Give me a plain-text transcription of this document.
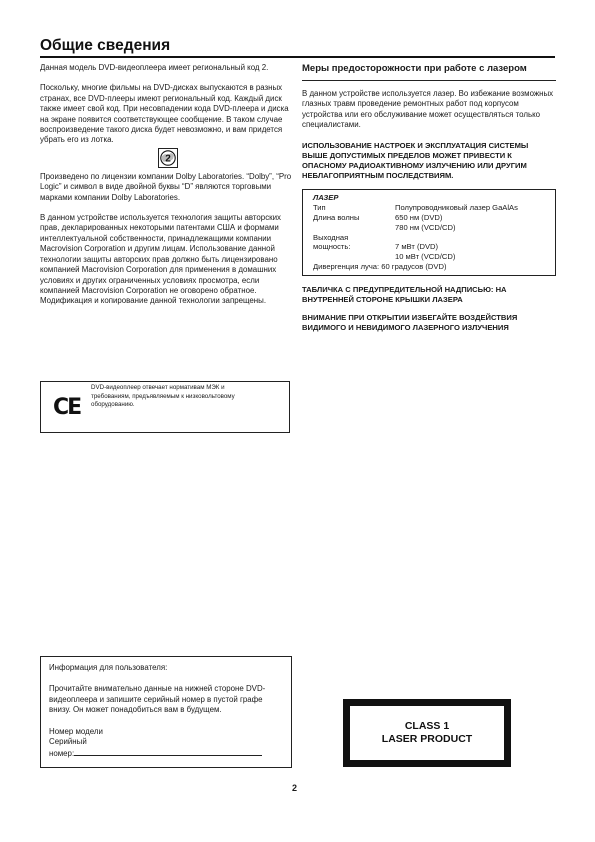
Общие сведения

Данная модель DVD-видеоплеера имеет региональный код 2.

Поскольку, многие фильмы на DVD-дисках выпускаются в разных странах, все DVD-плееры имеют региональный код. Каждый диск также имеет свой код. При несовпадении кода DVD-плеера и диска на экране появится соответствующее сообщение. В таком случае воспроизведение такого диска будет невозможно, и вам придется убрать его из лотка.

2

Произведено по лицензии компании Dolby Laboratories. “Dolby”, “Pro Logic” и символ в виде двойной буквы “D” являются торговыми марками компании Dolby Laboratories.

В данном устройстве используется технология защиты авторских прав, декларированных некоторыми патентами США и формами интеллектуальной собственности, принадлежащими компании Macrovision Corporation и другим лицам. Использование данной технологии защиты авторских прав должно быть лицензировано компанией Macrovision Corporation для применения в домашних условиях и других ограниченных условиях просмотра, если компанией Macrovision Corporation не оговорено обратное. Модификация и копирование данной технологии запрещены.

CE
DVD-видеоплеер отвечает нормативам МЭК и требованиям, предъявляемым к низковольтовому оборудованию.

Меры предосторожности при работе с лазером

В данном устройстве используется лазер. Во избежание возможных глазных травм проведение ремонтных работ под корпусом устройства или его обслуживание может осуществляться только специалистами.

ИСПОЛЬЗОВАНИЕ НАСТРОЕК И ЭКСПЛУАТАЦИЯ СИСТЕМЫ ВЫШЕ ДОПУСТИМЫХ ПРЕДЕЛОВ МОЖЕТ ПРИВЕСТИ К ОПАСНОМУ РАДИОАКТИВНОМУ ИЗЛУЧЕНИЮ ИЛИ ДРУГИМ НЕБЛАГОПРИЯТНЫМ ПОСЛЕДСТВИЯМ.

ЛАЗЕР
Тип	Полупроводниковый лазер GaAlAs
Длина волны	650 нм (DVD)
780 нм (VCD/CD)
Выходная
мощность:	7 мВт (DVD)
10 мВт (VCD/CD)
Дивергенция луча: 60 градусов (DVD)

ТАБЛИЧКА С ПРЕДУПРЕДИТЕЛЬНОЙ НАДПИСЬЮ: НА ВНУТРЕННЕЙ СТОРОНЕ КРЫШКИ ЛАЗЕРА

ВНИМАНИЕ ПРИ ОТКРЫТИИ ИЗБЕГАЙТЕ ВОЗДЕЙСТВИЯ ВИДИМОГО И НЕВИДИМОГО ЛАЗЕРНОГО ИЗЛУЧЕНИЯ

Информация для пользователя:

Прочитайте внимательно данные на нижней стороне DVD-видеоплеера и запишите серийный номер в пустой графе внизу. Он может понадобиться вам в будущем.

Номер модели

Серийный

номер:

CLASS 1
LASER PRODUCT
2
